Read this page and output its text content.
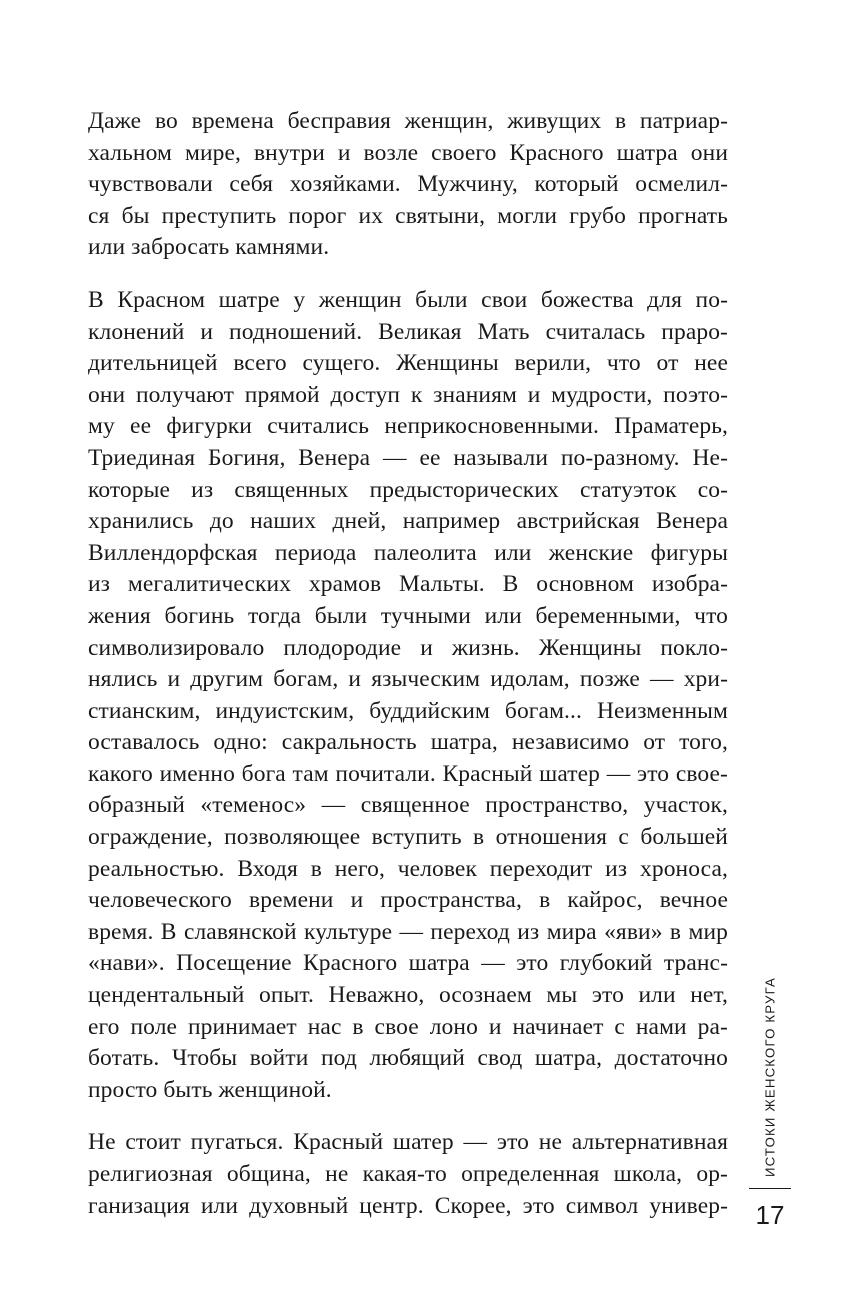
Даже во времена бесправия женщин, живущих в патриар-
хальном мире, внутри и возле своего Красного шатра они
чувствовали себя хозяйками. Мужчину, который осмелил-
ся бы преступить порог их святыни, могли грубо прогнать
или забросать камнями.

В Красном шатре у женщин были свои божества для по-
клонений и подношений. Великая Мать считалась прaро-
дительницей всего сущего. Женщины верили, что от нее
они получают прямой доступ к знаниям и мудрости, поэто-
му ее фигурки считались неприкосновенными. Праматерь,
Триединая Богиня, Венера — ее называли по-разному. Не-
которые из священных предысторических статуэток со-
хранились до наших дней, например австрийская Венера
Виллендорфская периода палеолита или женские фигуры
из мегалитических храмов Мальты. В основном изобра-
жения богинь тогда были тучными или беременными, что
символизировало плодородие и жизнь. Женщины покло-
нялись и другим богам, и языческим идолам, позже — хри-
стианским, индуистским, буддийским богам... Неизменным
оставалось одно: сакральность шатра, независимо от того,
какого именно бога там почитали. Красный шатер — это свое-
образный «теменос» — священное пространство, участок,
ограждение, позволяющее вступить в отношения с большей
реальностью. Входя в него, человек переходит из хроноса,
человеческого времени и пространства, в кайрос, вечное
время. В славянской культуре — переход из мира «яви» в мир
«нави». Посещение Красного шатра — это глубокий транс-
цендентальный опыт. Неважно, осознаем мы это или нет,
его поле принимает нас в свое лоно и начинает с нами ра-
ботать. Чтобы войти под любящий свод шатра, достаточно
просто быть женщиной.

Не стоит пугаться. Красный шатер — это не альтернативная
религиозная община, не какая-то определенная школа, ор-
ганизация или духовный центр. Скорее, это символ универ-

ИСТОКИ ЖЕНСКОГО КРУГА
17
